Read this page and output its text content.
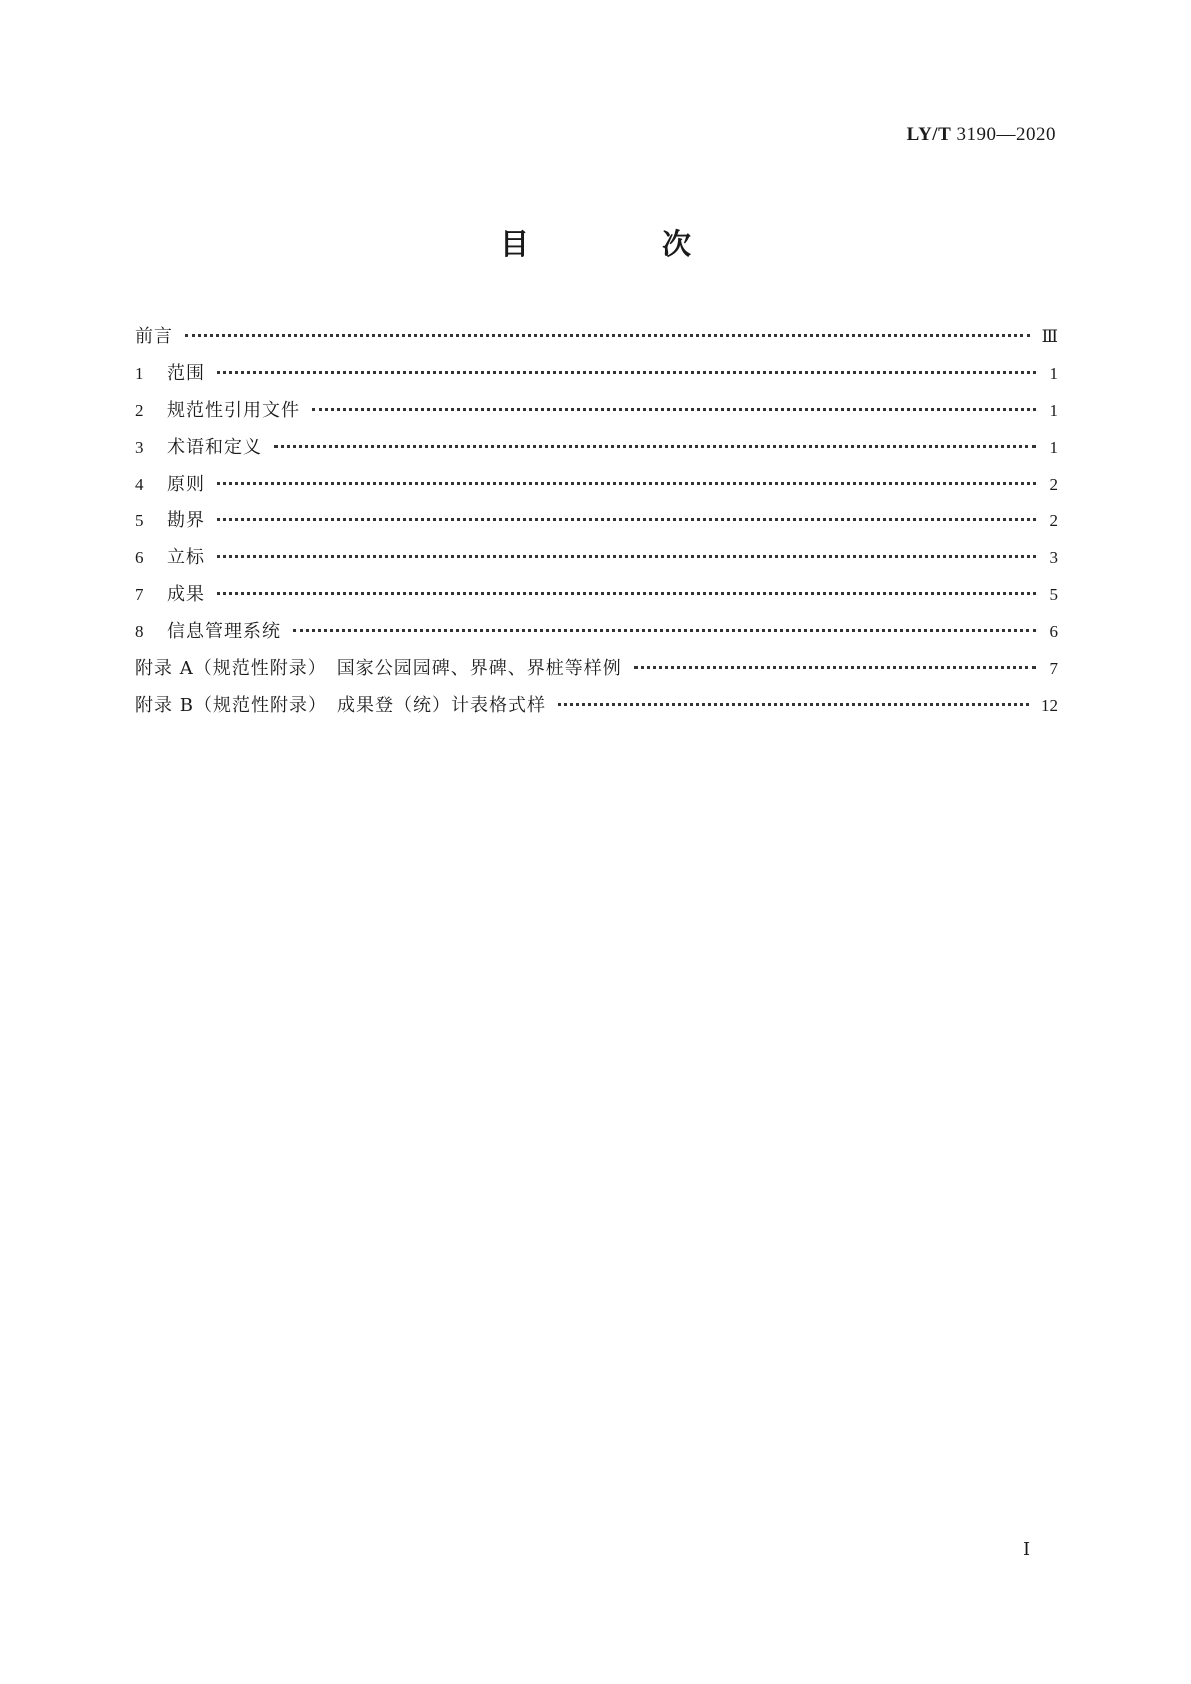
LY/T 3190—2020
目　次
前言	Ⅲ
1	范围	1
2	规范性引用文件	1
3	术语和定义	1
4	原则	2
5	勘界	2
6	立标	3
7	成果	5
8	信息管理系统	6
附录 A（规范性附录）　国家公园园碑、界碑、界桩等样例	7
附录 B（规范性附录）　成果登（统）计表格式样	12
Ⅰ
